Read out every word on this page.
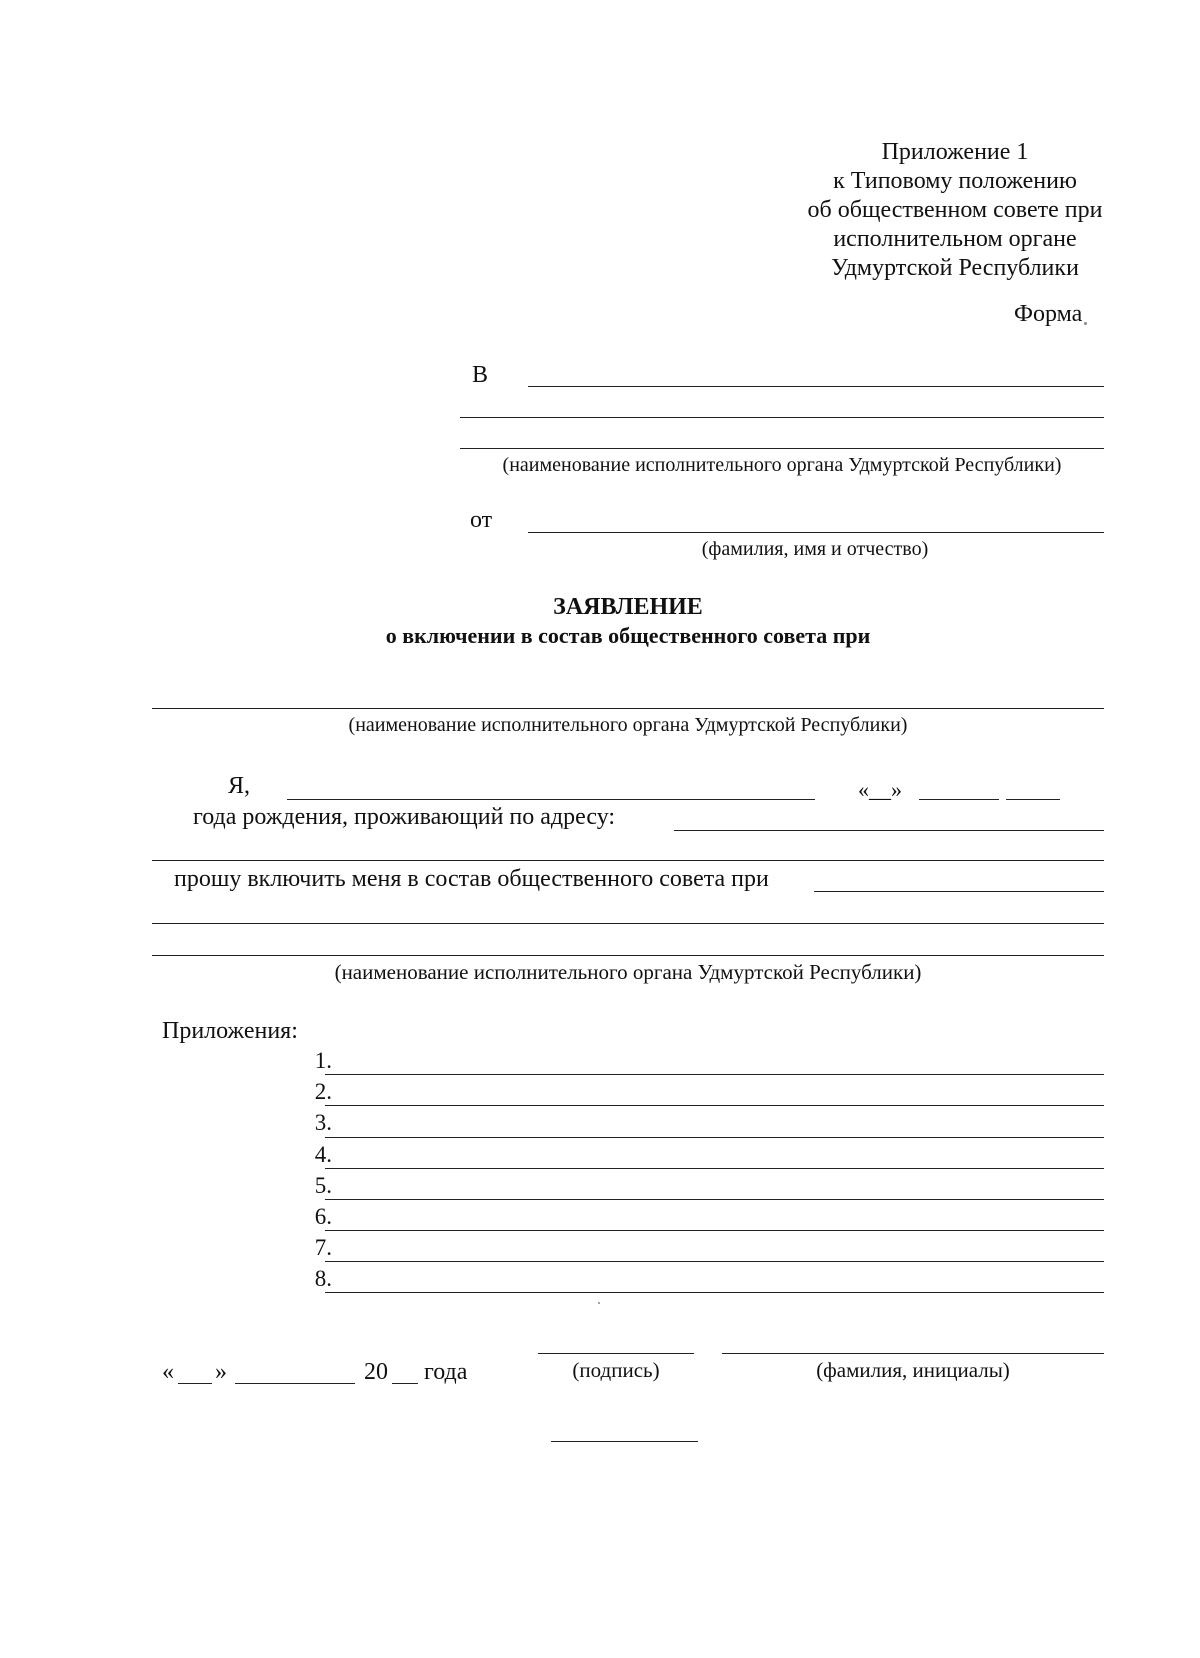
Приложение 1
к Типовому положению
об общественном совете при
исполнительном органе
Удмуртской Республики
Форма
В
(наименование исполнительного органа Удмуртской Республики)
от
(фамилия, имя и отчество)
ЗАЯВЛЕНИЕ
о включении в состав общественного совета при
(наименование исполнительного органа Удмуртской Республики)
Я,	«__»
года рождения, проживающий по адресу:
прошу включить меня в состав общественного совета при
(наименование исполнительного органа Удмуртской Республики)
Приложения:
1.
2.
3.
4.
5.
6.
7.
8.
« »	20 года	(подпись)	(фамилия, инициалы)
